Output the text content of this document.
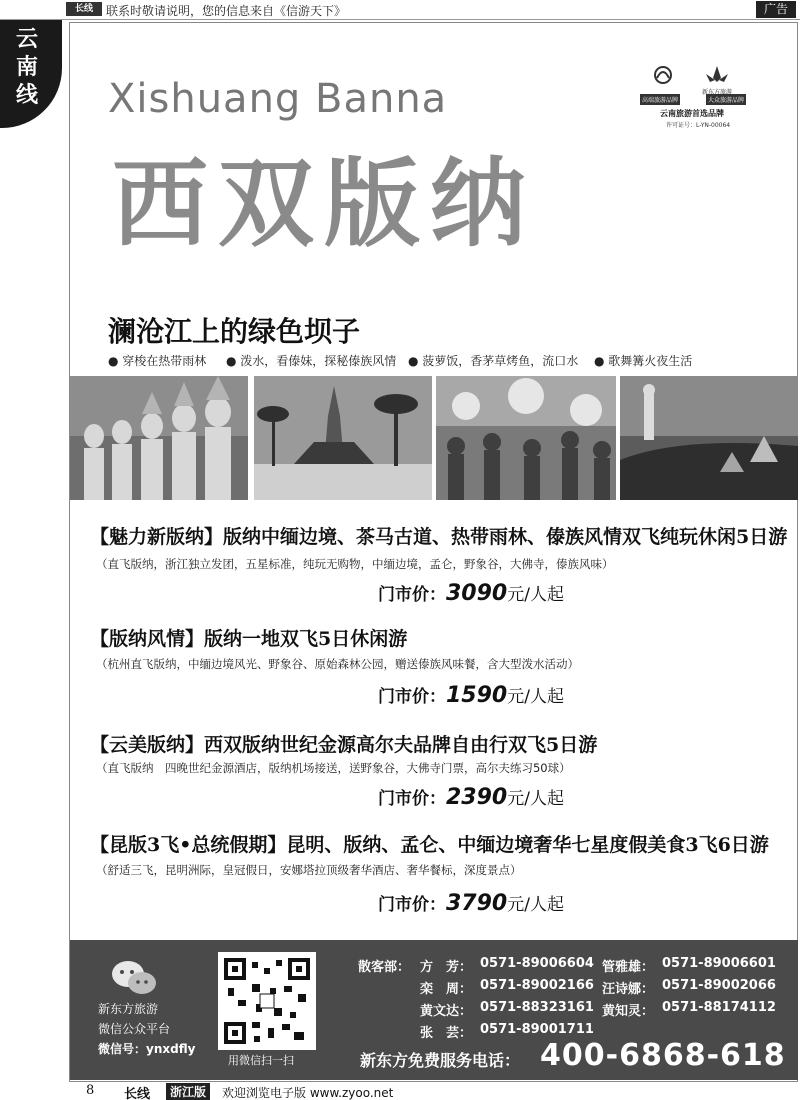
长线	联系时敬请说明，您的信息来自《信游天下》	广告
云
南
线	Xishuang Banna
西双版纳
高端旅游品牌	大众旅游品牌
新东方旅游
云南旅游首选品牌
许可证号：L-YN-00064
澜沧江上的绿色坝子
● 穿梭在热带雨林 ● 泼水，看傣妹，探秘傣族风情 ● 菠萝饭，香茅草烤鱼，流口水 ● 歌舞篝火夜生活
【魅力新版纳】版纳中缅边境、茶马古道、热带雨林、傣族风情双飞纯玩休闲5日游
（直飞版纳，浙江独立发团，五星标准，纯玩无购物，中缅边境，孟仑，野象谷，大佛寺，傣族风味）
门市价：3090元/人起
【版纳风情】版纳一地双飞5日休闲游
（杭州直飞版纳，中缅边境风光、野象谷、原始森林公园，赠送傣族风味餐，含大型泼水活动）
门市价：1590元/人起
【云美版纳】西双版纳世纪金源高尔夫品牌自由行双飞5日游
（直飞版纳　四晚世纪金源酒店，版纳机场接送，送野象谷，大佛寺门票，高尔夫练习50球）
门市价：2390元/人起
【昆版3飞•总统假期】昆明、版纳、孟仑、中缅边境奢华七星度假美食3飞6日游
（舒适三飞，昆明洲际，皇冠假日，安娜塔拉顶级奢华酒店、奢华餐标，深度景点）
门市价：3790元/人起
新东方旅游
微信公众平台
微信号：ynxdfly
用微信扫一扫
散客部： 方　芳： 0571-89006604 管雅雄： 0571-89006601
栾　周： 0571-89002166 汪诗娜： 0571-89002066
黄文达： 0571-88323161 黄知灵： 0571-88174112
张　芸： 0571-89001711
新东方免费服务电话： 400-6868-618
8 长线	浙江版	欢迎浏览电子版 www.zyoo.net
